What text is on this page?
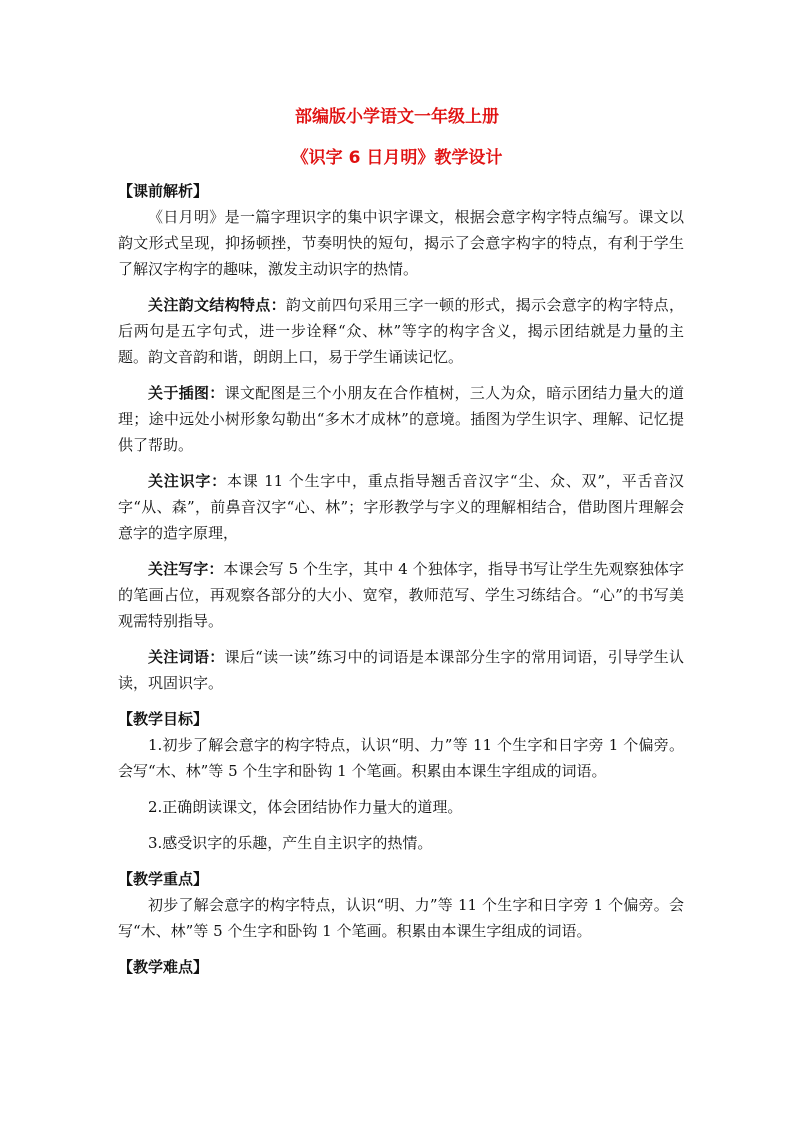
部编版小学语文一年级上册
《识字 6 日月明》教学设计
【课前解析】

《日月明》是一篇字理识字的集中识字课文，根据会意字构字特点编写。课文以韵文形式呈现，抑扬顿挫，节奏明快的短句，揭示了会意字构字的特点，有利于学生了解汉字构字的趣味，激发主动识字的热情。

关注韵文结构特点：韵文前四句采用三字一顿的形式，揭示会意字的构字特点，后两句是五字句式，进一步诠释“众、林”等字的构字含义，揭示团结就是力量的主题。韵文音韵和谐，朗朗上口，易于学生诵读记忆。

关于插图：课文配图是三个小朋友在合作植树，三人为众，暗示团结力量大的道理；途中远处小树形象勾勒出“多木才成林”的意境。插图为学生识字、理解、记忆提供了帮助。

关注识字：本课 11 个生字中，重点指导翘舌音汉字“尘、众、双”，平舌音汉字“从、森”，前鼻音汉字“心、林”；字形教学与字义的理解相结合，借助图片理解会意字的造字原理，

关注写字：本课会写 5 个生字，其中 4 个独体字，指导书写让学生先观察独体字的笔画占位，再观察各部分的大小、宽窄，教师范写、学生习练结合。“心”的书写美观需特别指导。

关注词语：课后“读一读”练习中的词语是本课部分生字的常用词语，引导学生认读，巩固识字。

【教学目标】

1.初步了解会意字的构字特点，认识“明、力”等 11 个生字和日字旁 1 个偏旁。会写“木、林”等 5 个生字和卧钩 1 个笔画。积累由本课生字组成的词语。

2.正确朗读课文，体会团结协作力量大的道理。

3.感受识字的乐趣，产生自主识字的热情。

【教学重点】

初步了解会意字的构字特点，认识“明、力”等 11 个生字和日字旁 1 个偏旁。会写“木、林”等 5 个生字和卧钩 1 个笔画。积累由本课生字组成的词语。

【教学难点】
